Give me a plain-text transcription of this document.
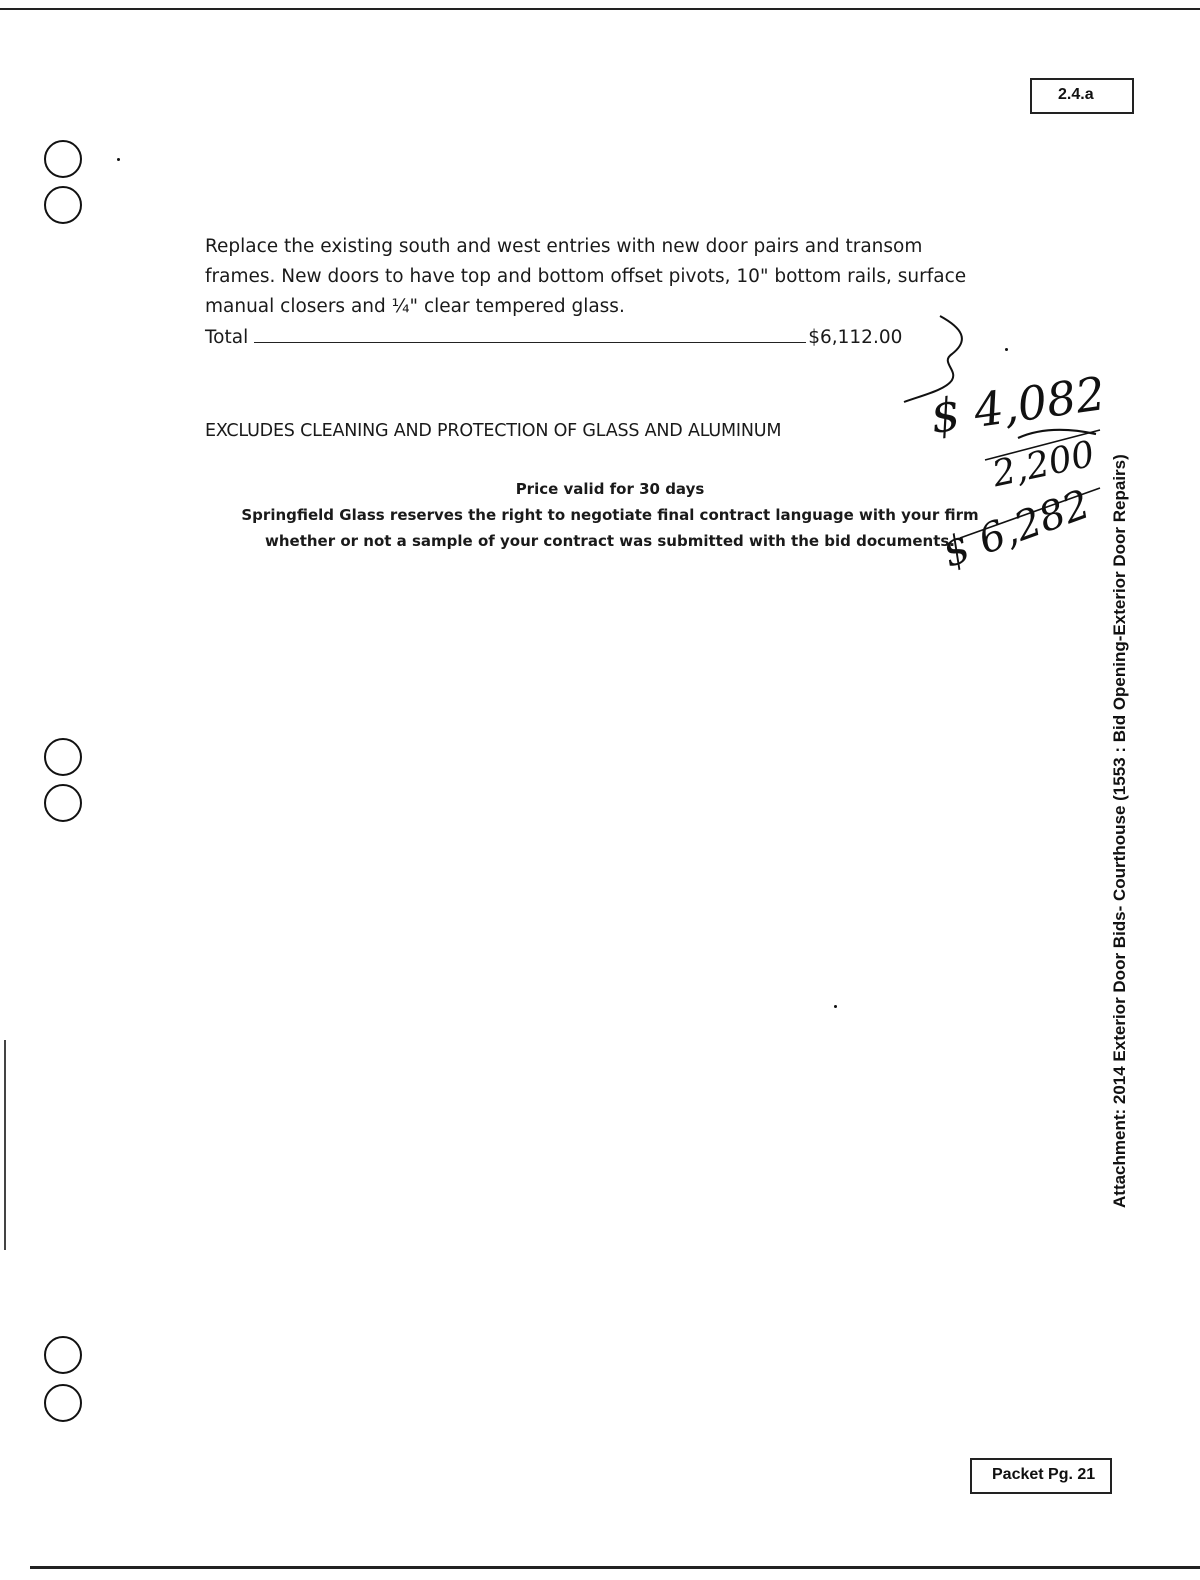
2.4.a
Replace the existing south and west entries with new door pairs and transom
frames. New doors to have top and bottom offset pivots, 10" bottom rails, surface
manual closers and ¼" clear tempered glass.
Total	$6,112.00
EXCLUDES CLEANING AND PROTECTION OF GLASS AND ALUMINUM
Price valid for 30 days
Springfield Glass reserves the right to negotiate final contract language with your firm
whether or not a sample of your contract was submitted with the bid documents.
$ 4,082
2,200
$ 6,282 Attachment: 2014 Exterior Door Bids- Courthouse (1553 : Bid Opening-Exterior Door Repairs)
Packet Pg. 21
